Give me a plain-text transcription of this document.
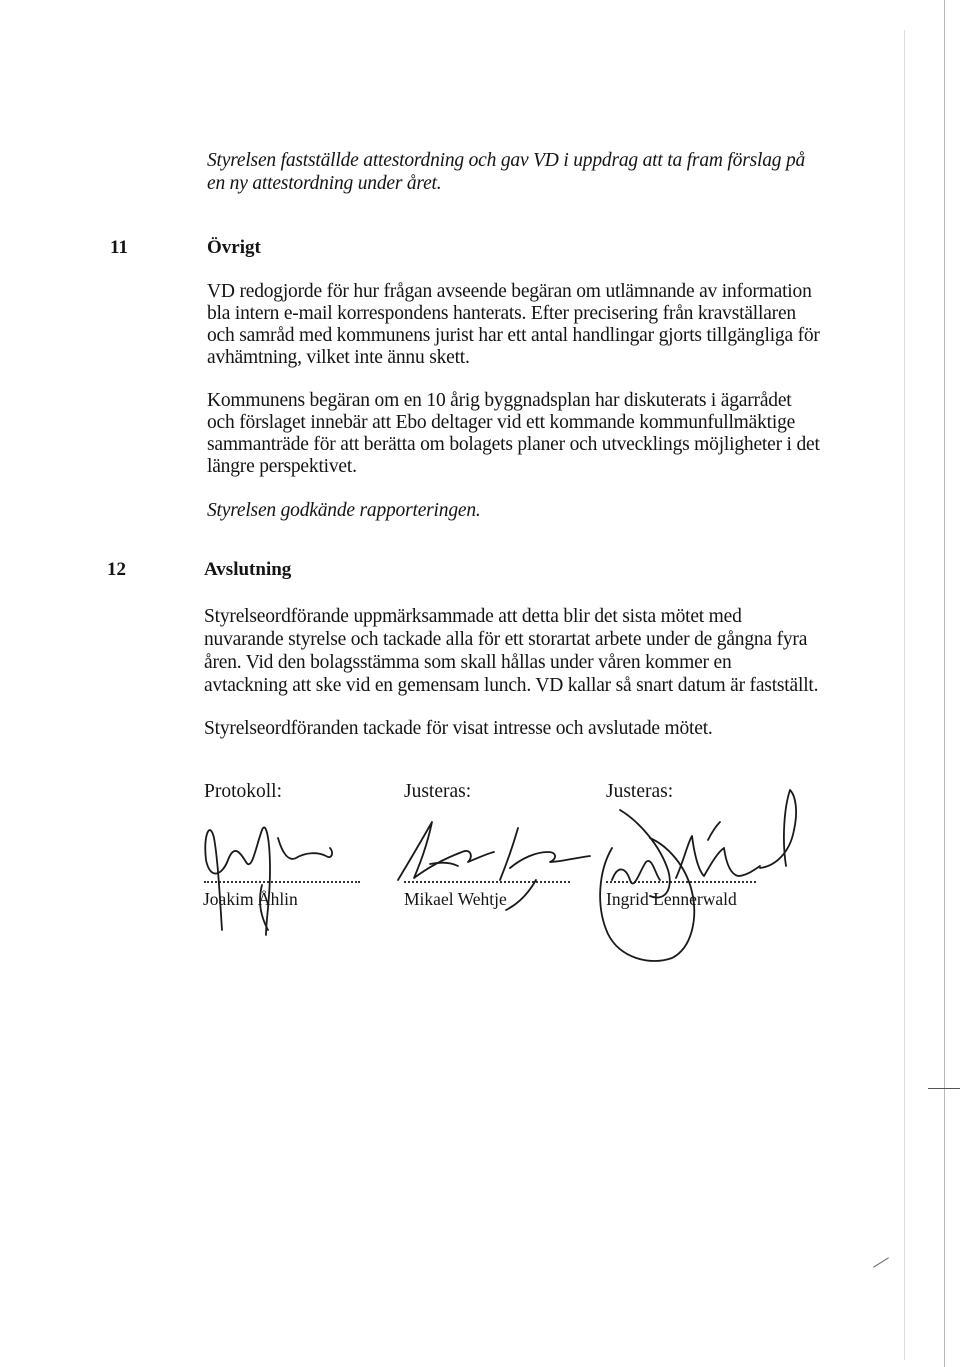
Styrelsen fastställde attestordning och gav VD i uppdrag att ta fram förslag på

en ny attestordning under året.

11	Övrigt

VD redogjorde för hur frågan avseende begäran om utlämnande av information

bla intern e-mail korrespondens hanterats. Efter precisering från kravställaren

och samråd med kommunens jurist har ett antal handlingar gjorts tillgängliga för

avhämtning, vilket inte ännu skett.

Kommunens begäran om en 10 årig byggnadsplan har diskuterats i ägarrådet

och förslaget innebär att Ebo deltager vid ett kommande kommunfullmäktige

sammanträde för att berätta om bolagets planer och utvecklings möjligheter i det

längre perspektivet.

Styrelsen godkände rapporteringen.

12	Avslutning

Styrelseordförande uppmärksammade att detta blir det sista mötet med

nuvarande styrelse och tackade alla för ett storartat arbete under de gångna fyra

åren. Vid den bolagsstämma som skall hållas under våren kommer en

avtackning att ske vid en gemensam lunch. VD kallar så snart datum är fastställt.

Styrelseordföranden tackade för visat intresse och avslutade mötet.

Protokoll:	Justeras:	Justeras:
Joakim Åhlin	Mikael Wehtje	Ingrid Lennerwald
